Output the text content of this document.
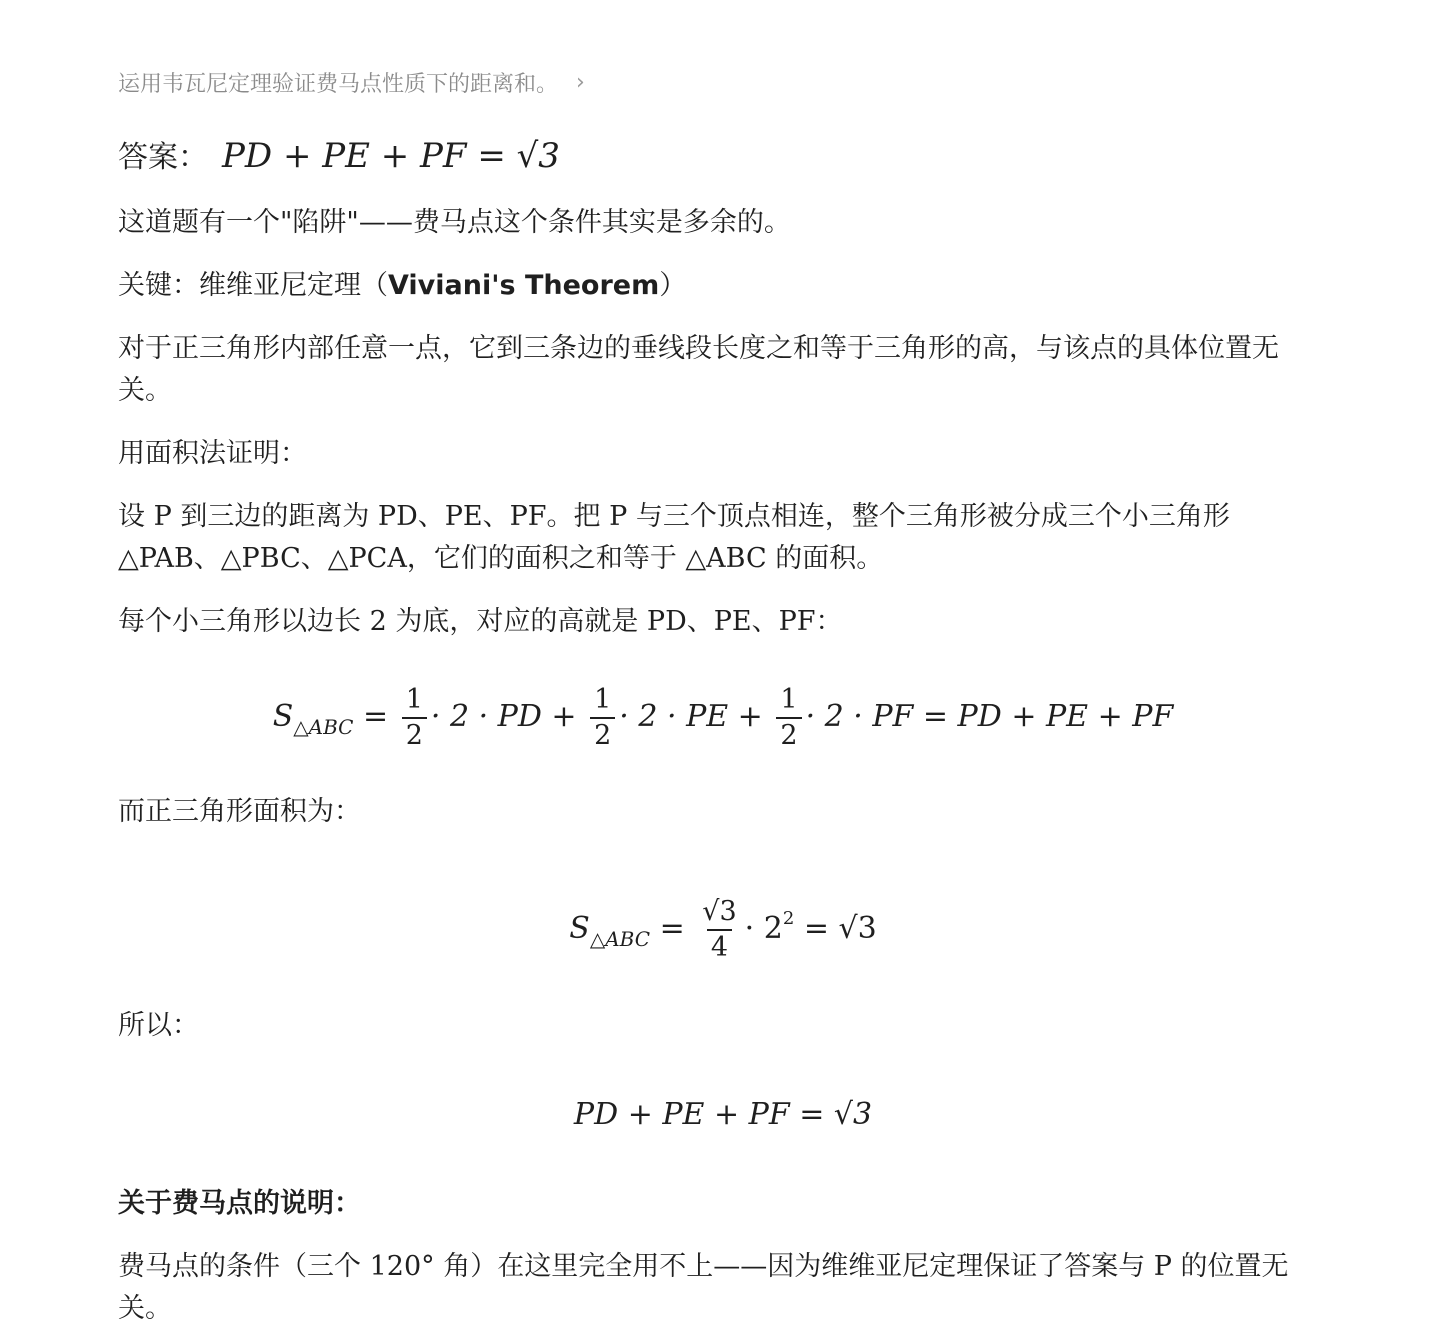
运用韦瓦尼定理验证费马点性质下的距离和。 ›
答案： PD + PE + PF = √3

这道题有一个"陷阱"——费马点这个条件其实是多余的。

关键：维维亚尼定理（Viviani's Theorem）

对于正三角形内部任意一点，它到三条边的垂线段长度之和等于三角形的高，与该点的具体位置无关。

用面积法证明：

设 P 到三边的距离为 PD、PE、PF。把 P 与三个顶点相连，整个三角形被分成三个小三角形 △PAB、△PBC、△PCA，它们的面积之和等于 △ABC 的面积。

每个小三角形以边长 2 为底，对应的高就是 PD、PE、PF：

$S_{\triangle ABC} = \frac{1}{2} \cdot 2$ · PD + $\frac{1}{2} \cdot 2$ · PE + $\frac{1}{2} \cdot 2$ · PF = PD + PE + PF

而正三角形面积为：

$S_{\triangle ABC} = \frac{√3}{4} \cdot 2^2 = √3$

所以：

PD + PE + PF = √3

关于费马点的说明：

费马点的条件（三个 120° 角）在这里完全用不上——因为维维亚尼定理保证了答案与 P 的位置无关。
